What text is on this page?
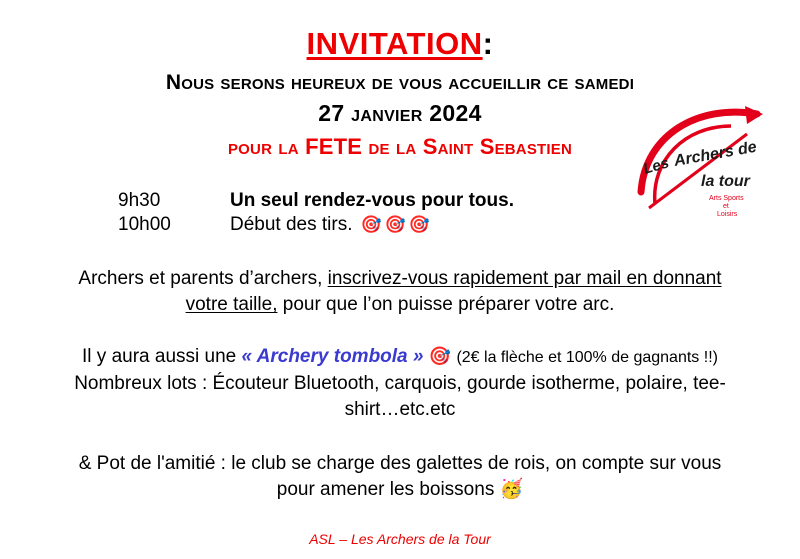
Les Archers de
la tour
Arts Sports
et
Loisirs
INVITATION:
Nous serons heureux de vous accueillir ce samedi
27 janvier 2024
pour la FETE de la Saint Sebastien
9h30	Un seul rendez-vous pour tous.
10h00	Début des tirs. 🎯🎯🎯
Archers et parents d’archers, inscrivez-vous rapidement par mail en donnant votre taille, pour que l’on puisse préparer votre arc.
Il y aura aussi une « Archery tombola » 🎯 (2€ la flèche et 100% de gagnants !!)
Nombreux lots : Écouteur Bluetooth, carquois, gourde isotherme, polaire, tee-shirt…etc.etc
& Pot de l'amitié : le club se charge des galettes de rois, on compte sur vous pour amener les boissons 🥳
ASL – Les Archers de la Tour
